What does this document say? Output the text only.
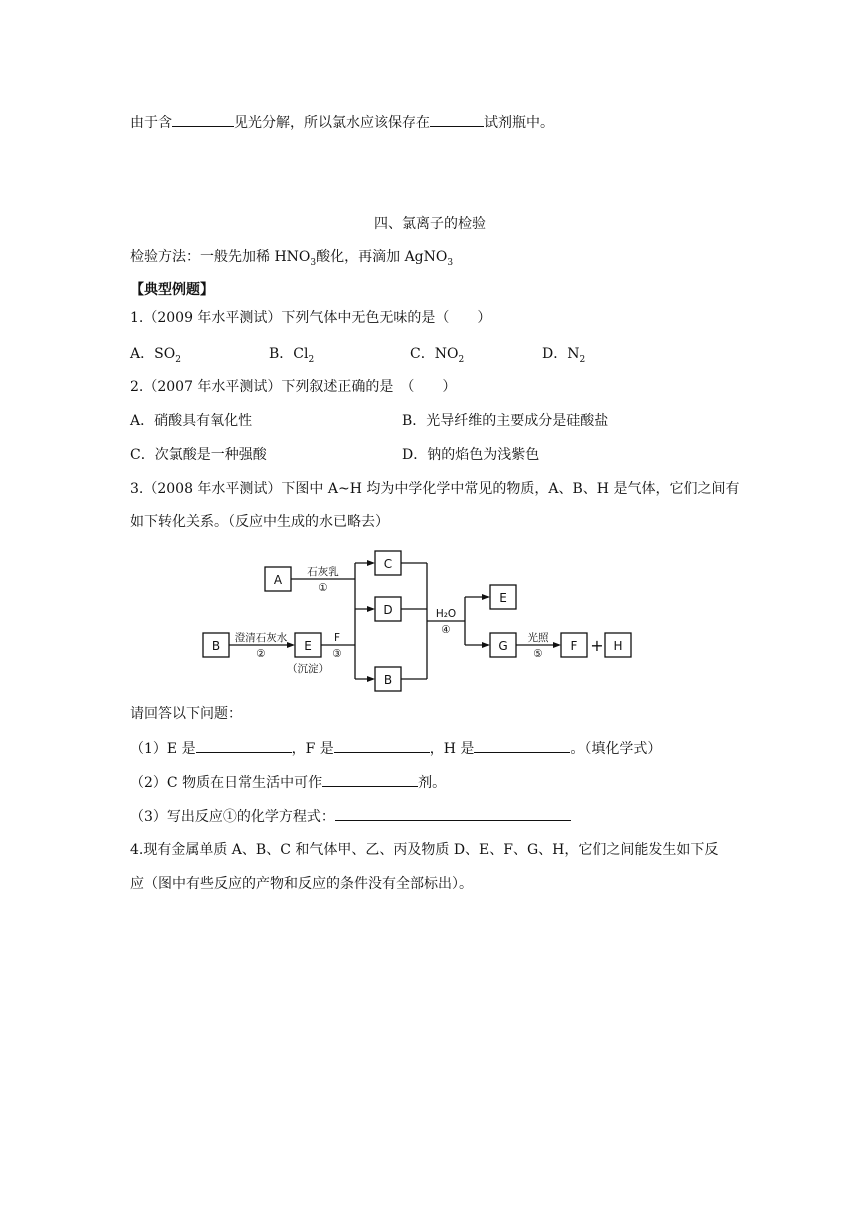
由于含	见光分解，所以氯水应该保存在	试剂瓶中。
四、氯离子的检验
检验方法：一般先加稀 $HNO_3$酸化，再滴加 AgNO$_3$
【典型例题】
1.（2009 年水平测试）下列气体中无色无味的是（　　）
A．$SO_2$	B．$Cl_2$	C．$NO_2$	D．$N_2$
2.（2007 年水平测试）下列叙述正确的是　（　　）
A．硝酸具有氧化性	B．光导纤维的主要成分是硅酸盐
C．次氯酸是一种强酸	D．钠的焰色为浅紫色
3.（2008 年水平测试）下图中 A~H 均为中学化学中常见的物质，A、B、H 是气体，它们之间有
如下转化关系。（反应中生成的水已略去）
A
C
D
B	E
B
E
G	F	H
+
石灰乳
①
澄清石灰水
②
F
③
H₂O
④
光照
⑤
（沉淀）
请回答以下问题：
（1）E 是	，F 是	，H 是	。（填化学式）
（2）C 物质在日常生活中可作	剂。
（3）写出反应①的化学方程式：
4.现有金属单质 A、B、C 和气体甲、乙、丙及物质 D、E、F、G、H，它们之间能发生如下反
应（图中有些反应的产物和反应的条件没有全部标出）。
